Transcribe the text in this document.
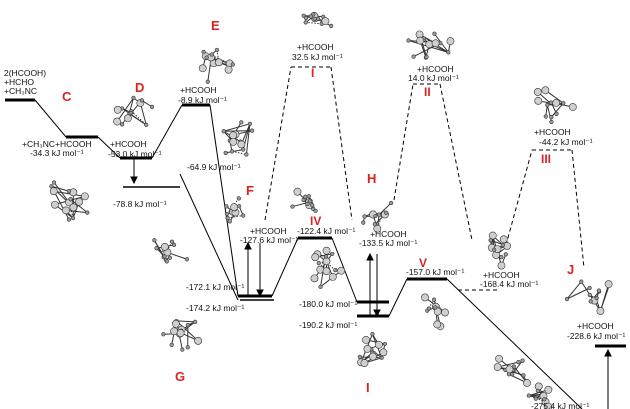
2(HCOOH)
+HCHO
+CH₃NC C
+CH₃NC+HCOOH
-34.3 kJ mol⁻¹
D
+HCOOH
-53.0 kJ mol⁻¹
E
+HCOOH
-8.9 kJ mol⁻¹
-64.9 kJ mol⁻¹
-78.8 kJ mol⁻¹
+HCOOH
32.5 kJ mol⁻¹
I	+HCOOH
14.0 kJ mol⁻¹
II
+HCOOH
-44.2 kJ mol⁻¹
III
F
+HCOOH
-127.6 kJ mol⁻¹
IV
-122.4 kJ mol⁻¹
H
+HCOOH
-133.5 kJ mol⁻¹
V
-157.0 kJ mol⁻¹ +HCOOH
-168.4 kJ mol⁻¹
-172.1 kJ mol⁻¹
-174.2 kJ mol⁻¹	-180.0 kJ mol⁻¹
-190.2 kJ mol⁻¹
G
I
J
+HCOOH
-228.6 kJ mol⁻¹
-275.4 kJ mol⁻¹
